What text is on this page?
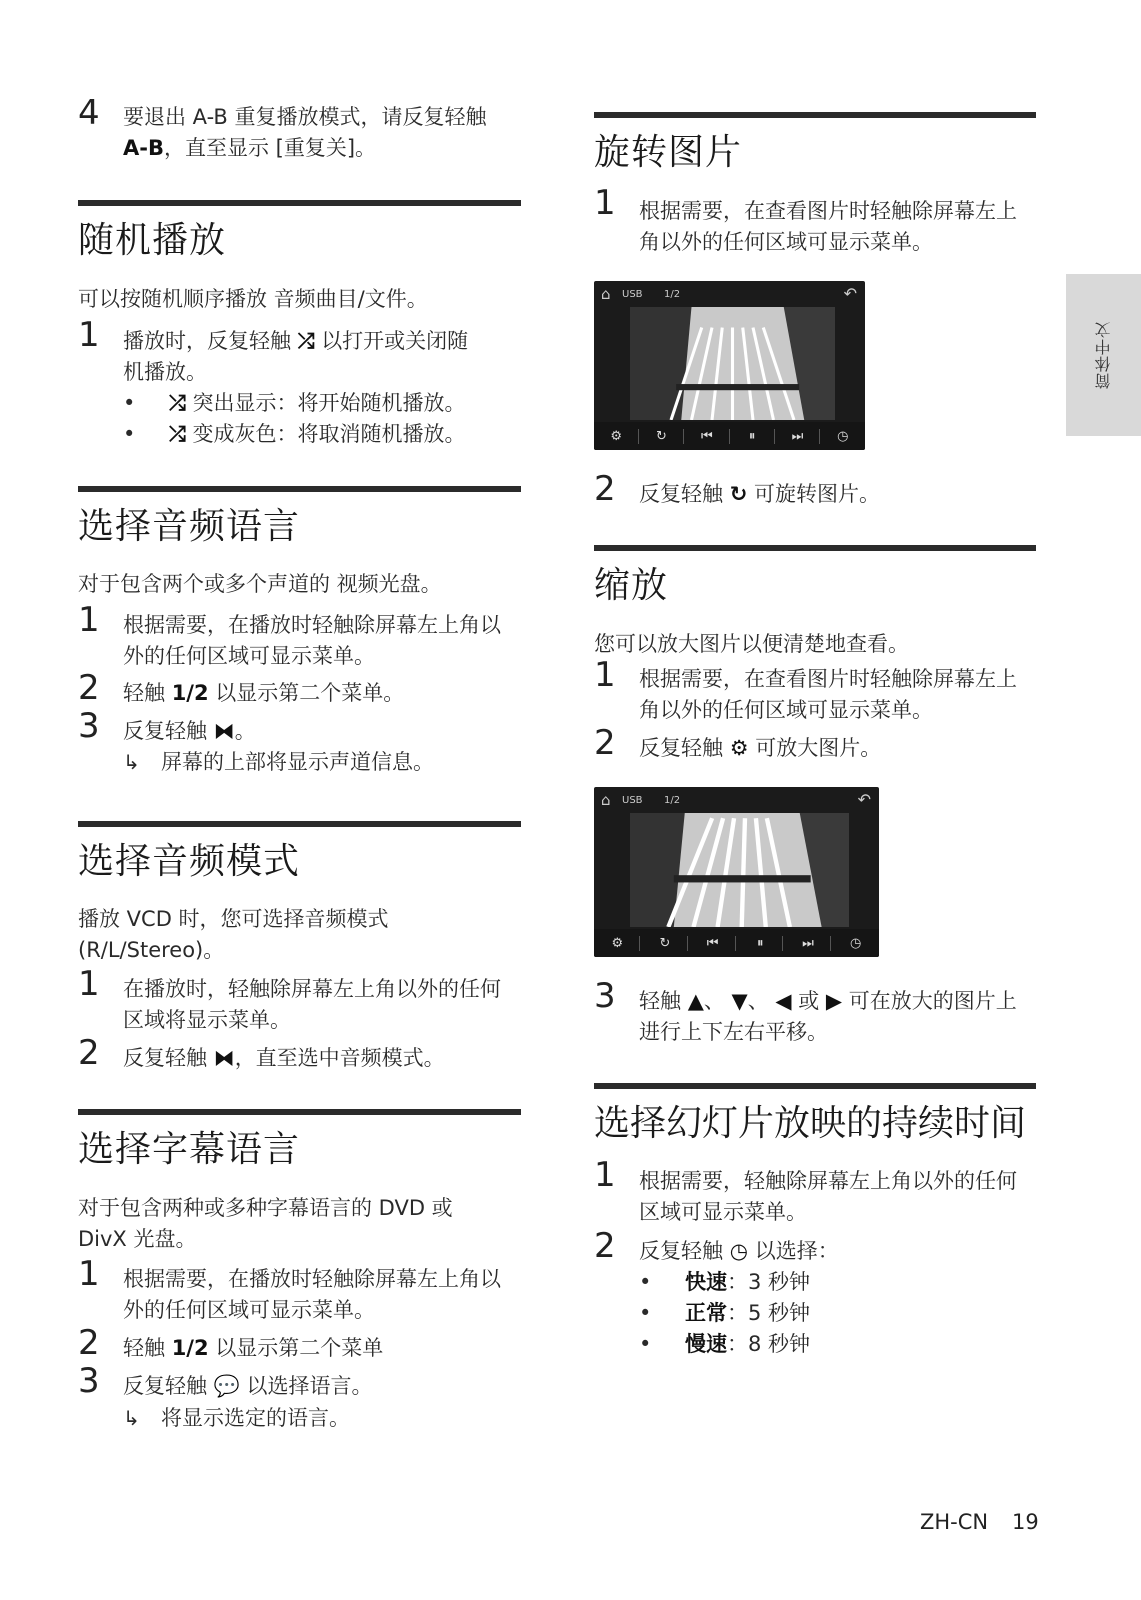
4 要退出 A-B 重复播放模式，请反复轻触
A-B，直至显示 [重复关]。
随机播放
可以按随机顺序播放 音频曲目/文件。
1 播放时，反复轻触 ⤮ 以打开或关闭随
机播放。
• ⤮ 突出显示：将开始随机播放。
• ⤮ 变成灰色：将取消随机播放。
选择音频语言
对于包含两个或多个声道的 视频光盘。
1 根据需要，在播放时轻触除屏幕左上角以外的任何区域可显示菜单。
2 轻触 1/2 以显示第二个菜单。
3 反复轻触 ⧓。
↳ 屏幕的上部将显示声道信息。
选择音频模式
播放 VCD 时，您可选择音频模式 (R/L/Stereo)。
1 在播放时，轻触除屏幕左上角以外的任何区域将显示菜单。
2 反复轻触 ⧓，直至选中音频模式。
选择字幕语言
对于包含两种或多种字幕语言的 DVD 或 DivX 光盘。
1 根据需要，在播放时轻触除屏幕左上角以外的任何区域可显示菜单。
2 轻触 1/2 以显示第二个菜单
3 反复轻触 💬 以选择语言。
↳ 将显示选定的语言。
旋转图片
1 根据需要，在查看图片时轻触除屏幕左上角以外的任何区域可显示菜单。
⌂ USB 1/2	↶
⚙	↻	⏮	⏸	⏭	◷
2 反复轻触 ↻ 可旋转图片。
缩放
您可以放大图片以便清楚地查看。
1 根据需要，在查看图片时轻触除屏幕左上角以外的任何区域可显示菜单。
2 反复轻触 ⚙ 可放大图片。
⌂ USB 1/2	↶
⚙	↻	⏮	⏸	⏭	◷
3 轻触 ▲、 ▼、 ◀ 或 ▶ 可在放大的图片上进行上下左右平移。
选择幻灯片放映的持续时间
1 根据需要，轻触除屏幕左上角以外的任何区域可显示菜单。
2 反复轻触 ◷ 以选择：
• 快速：3 秒钟
• 正常：5 秒钟
• 慢速：8 秒钟
简体中文
ZH-CN 19
